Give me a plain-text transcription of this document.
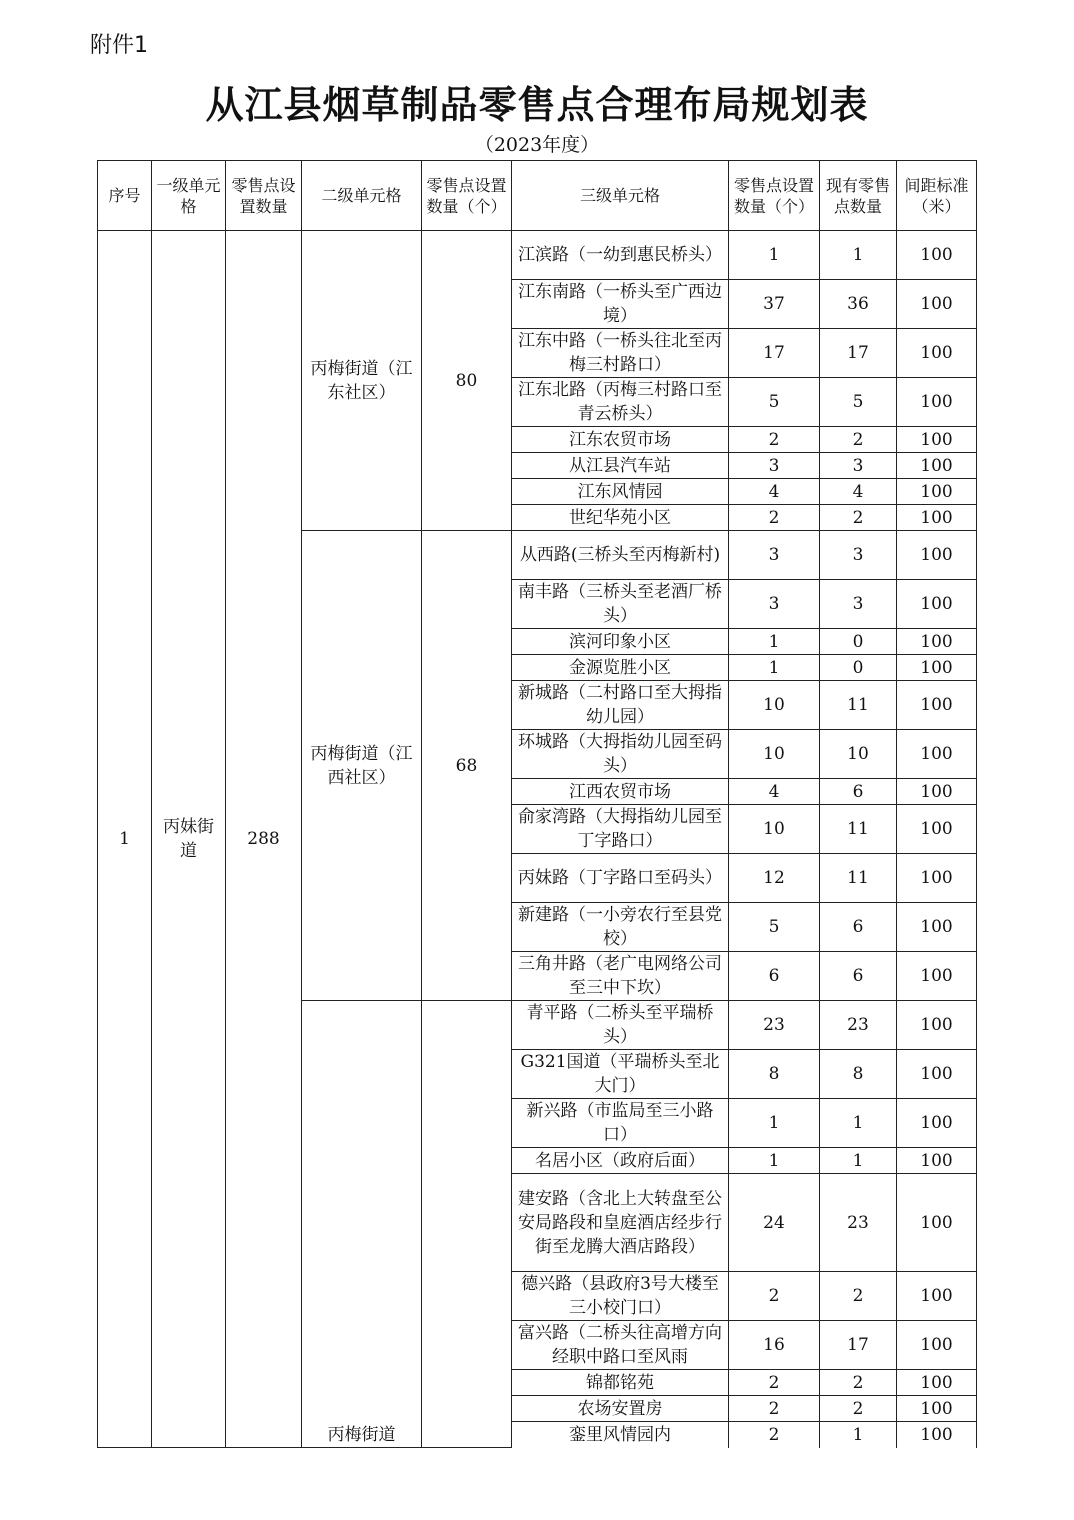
附件1
从江县烟草制品零售点合理布局规划表
（2023年度）
序号	一级单元格	零售点设置数量	二级单元格	零售点设置数量（个）	三级单元格	零售点设置数量（个）	现有零售点数量	间距标准（米）
1	丙妹街道	288	丙梅街道（江东社区）	80	江滨路（一幼到惠民桥头）	1	1	100
					江东南路（一桥头至广西边境）	37	36	100
					江东中路（一桥头往北至丙梅三村路口）	17	17	100
					江东北路（丙梅三村路口至青云桥头）	5	5	100
					江东农贸市场	2	2	100
					从江县汽车站	3	3	100
					江东风情园	4	4	100
					世纪华苑小区	2	2	100
			丙梅街道（江西社区）	68	从西路(三桥头至丙梅新村)	3	3	100
					南丰路（三桥头至老酒厂桥头）	3	3	100
					滨河印象小区	1	0	100
					金源览胜小区	1	0	100
					新城路（二村路口至大拇指幼儿园）	10	11	100
					环城路（大拇指幼儿园至码头）	10	10	100
					江西农贸市场	4	6	100
					俞家湾路（大拇指幼儿园至丁字路口）	10	11	100
					丙妹路（丁字路口至码头）	12	11	100
					新建路（一小旁农行至县党校）	5	6	100
					三角井路（老广电网络公司至三中下坎）	6	6	100
			丙梅街道		青平路（二桥头至平瑞桥头）	23	23	100
					G321国道（平瑞桥头至北大门）	8	8	100
					新兴路（市监局至三小路口）	1	1	100
					名居小区（政府后面）	1	1	100
					建安路（含北上大转盘至公安局路段和皇庭酒店经步行街至龙腾大酒店路段）	24	23	100
					德兴路（县政府3号大楼至三小校门口）	2	2	100
					富兴路（二桥头往高增方向经职中路口至风雨	16	17	100
					锦都铭苑	2	2	100
					农场安置房	2	2	100
					銮里风情园内	2	1	100
